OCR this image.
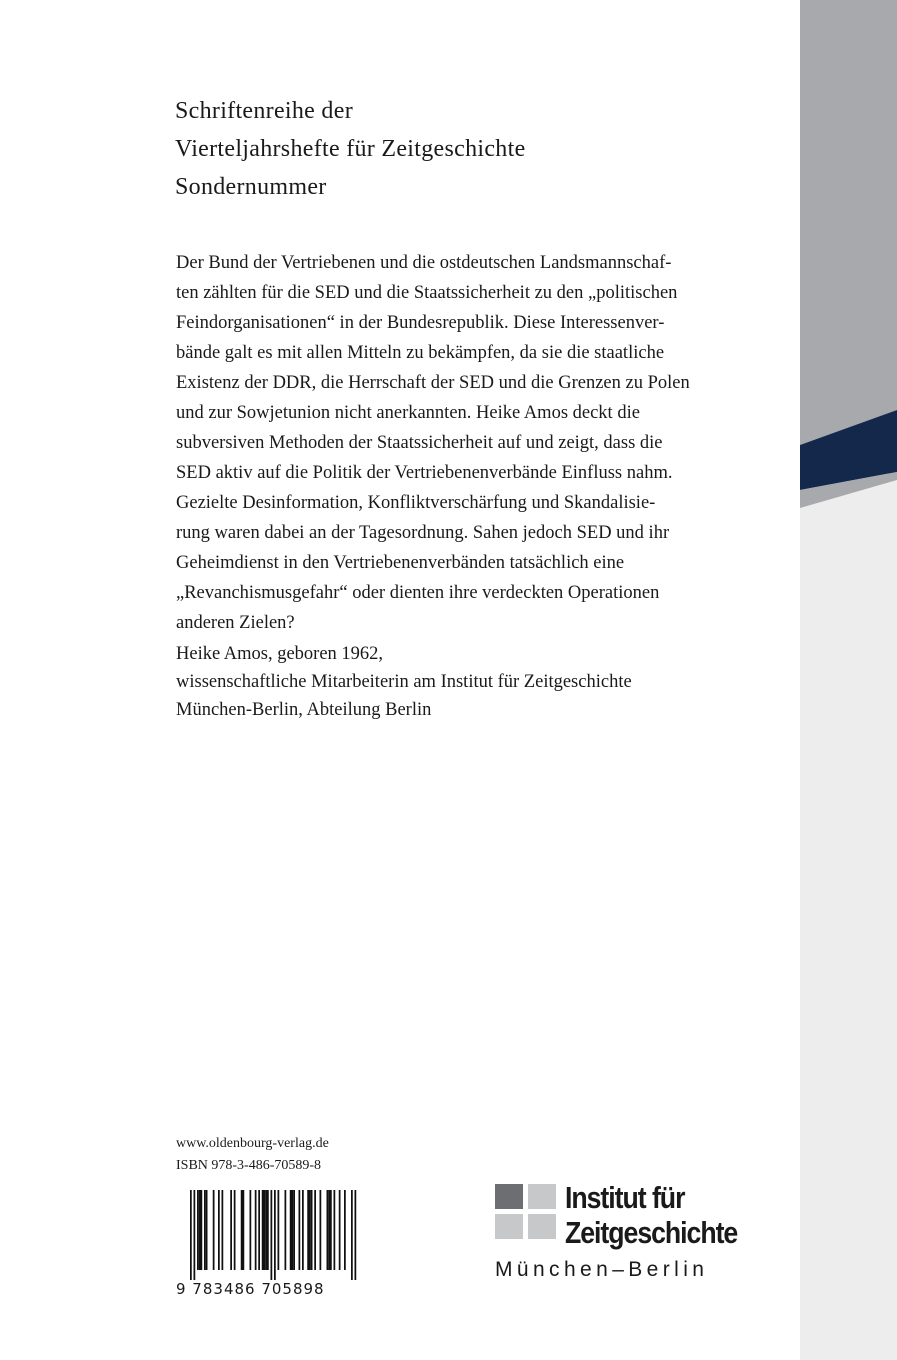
Schriftenreihe der
Vierteljahrshefte für Zeitgeschichte
Sondernummer
Der Bund der Vertriebenen und die ostdeutschen Landsmannschaf-
ten zählten für die SED und die Staatssicherheit zu den „politischen
Feindorganisationen“ in der Bundesrepublik. Diese Interessenver-
bände galt es mit allen Mitteln zu bekämpfen, da sie die staatliche
Existenz der DDR, die Herrschaft der SED und die Grenzen zu Polen
und zur Sowjetunion nicht anerkannten. Heike Amos deckt die
subversiven Methoden der Staatssicherheit auf und zeigt, dass die
SED aktiv auf die Politik der Vertriebenenverbände Einfluss nahm.
Gezielte Desinformation, Konfliktverschärfung und Skandalisie-
rung waren dabei an der Tagesordnung. Sahen jedoch SED und ihr
Geheimdienst in den Vertriebenenverbänden tatsächlich eine
„Revanchismusgefahr“ oder dienten ihre verdeckten Operationen
anderen Zielen?
Heike Amos, geboren 1962,
wissenschaftliche Mitarbeiterin am Institut für Zeitgeschichte
München-Berlin, Abteilung Berlin
www.oldenbourg-verlag.de
ISBN 978-3-486-70589-8
9 783486 705898
Institut für
Zeitgeschichte
München–Berlin
